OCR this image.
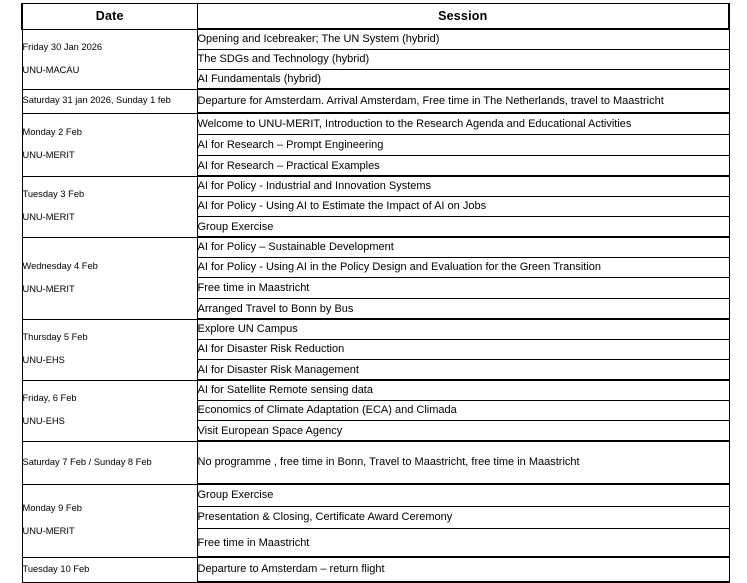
Date	Session

Friday 30 Jan 2026
UNU-MACAU	Opening and Icebreaker; The UN System (hybrid)
	The SDGs and Technology (hybrid)
	AI Fundamentals (hybrid)

Saturday 31 jan 2026, Sunday 1 feb	Departure for Amsterdam. Arrival Amsterdam, Free time in The Netherlands, travel to Maastricht

Monday 2 Feb
UNU-MERIT	Welcome to UNU-MERIT, Introduction to the Research Agenda and Educational Activities
	AI for Research – Prompt Engineering
	AI for Research – Practical Examples

Tuesday 3 Feb
UNU-MERIT	AI for Policy - Industrial and Innovation Systems
	AI for Policy - Using AI to Estimate the Impact of AI on Jobs
	Group Exercise

Wednesday 4 Feb
UNU-MERIT	AI for Policy – Sustainable Development
	AI for Policy - Using AI in the Policy Design and Evaluation for the Green Transition
	Free time in Maastricht
	Arranged Travel to Bonn by Bus

Thursday 5 Feb
UNU-EHS	Explore UN Campus
	AI for Disaster Risk Reduction
	AI for Disaster Risk Management

Friday, 6 Feb
UNU-EHS	AI for Satellite Remote sensing data
	Economics of Climate Adaptation (ECA) and Climada
	Visit European Space Agency

Saturday 7 Feb / Sunday 8 Feb	No programme , free time in Bonn, Travel to Maastricht, free time in Maastricht

Monday 9 Feb
UNU-MERIT	Group Exercise
	Presentation & Closing, Certificate Award Ceremony
	Free time in Maastricht

Tuesday 10 Feb	Departure to Amsterdam – return flight
